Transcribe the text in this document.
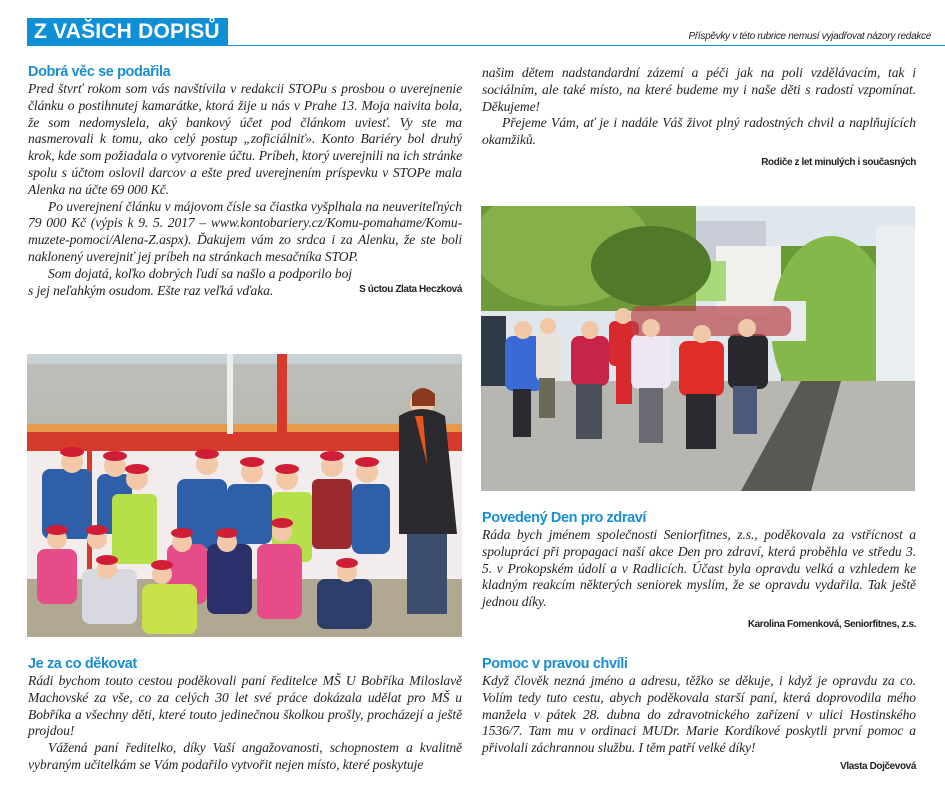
Z VAŠICH DOPISŮ	Příspěvky v této rubrice nemusí vyjadřovat názory redakce
Dobrá věc se podařila

Pred štvrť rokom som vás navštívila v redakcii STOPu s prosbou o uverejnenie článku o postihnutej kamarátke, ktorá žije u nás v Prahe 13. Moja naivita bola, že som nedomyslela, aký bankový účet pod článkom uviesť. Vy ste ma nasmerovali k tomu, ako celý postup „zoficiálniť». Konto Bariéry bol druhý krok, kde som požiadala o vytvorenie účtu. Príbeh, ktorý uverejnili na ich stránke spolu s účtom oslovil darcov a ešte pred uverejnením príspevku v STOPe mala Alenka na účte 69 000 Kč.

Po uverejnení článku v májovom čísle sa čiastka vyšplhala na neuveriteľných 79 000 Kč (výpis k 9. 5. 2017 – www.kontobariery.cz/Komu-pomahame/Komu-muzete-pomoci/Alena-Z.aspx). Ďakujem vám zo srdca i za Alenku, že ste boli naklonený uverejniť jej príbeh na stránkach mesačníka STOP.

Som dojatá, koľko dobrých ľudí sa našlo a podporilo boj s jej neľahkým osudom. Ešte raz veľká vďaka.	S úctou Zlata Heczková
Je za co děkovat

Rádi bychom touto cestou poděkovali paní ředitelce MŠ U Bobříka Miloslavě Machovské za vše, co za celých 30 let své práce dokázala udělat pro MŠ u Bobříka a všechny děti, které touto jedinečnou školkou prošly, procházejí a ještě projdou!

Vážená paní ředitelko, díky Vaší angažovanosti, schopnostem a kvalitně vybraným učitelkám se Vám podařilo vytvořit nejen místo, které poskytuje

našim dětem nadstandardní zázemí a péči jak na poli vzdělávacím, tak i sociálním, ale také místo, na které budeme my i naše děti s radostí vzpomínat. Děkujeme!

Přejeme Vám, ať je i nadále Váš život plný radostných chvil a naplňujících okamžiků.

Rodiče z let minulých i současných
Povedený Den pro zdraví

Ráda bych jménem společnosti Seniorfitnes, z.s., poděkovala za vstřícnost a spolupráci při propagaci naší akce Den pro zdraví, která proběhla ve středu 3. 5. v Prokopském údolí a v Radlicích. Účast byla opravdu velká a vzhledem ke kladným reakcím některých seniorek myslím, že se opravdu vydařila. Tak ještě jednou díky.

Karolina Fomenková, Seniorfitnes, z.s.
Pomoc v pravou chvíli

Když člověk nezná jméno a adresu, těžko se děkuje, i když je opravdu za co. Volím tedy tuto cestu, abych poděkovala starší paní, která doprovodila mého manžela v pátek 28. dubna do zdravotnického zařízení v ulici Hostinského 1536/7. Tam mu v ordinaci MUDr. Marie Kordíkové poskytli první pomoc a přivolali záchrannou službu. I těm patří velké díky!

Vlasta Dojčevová
